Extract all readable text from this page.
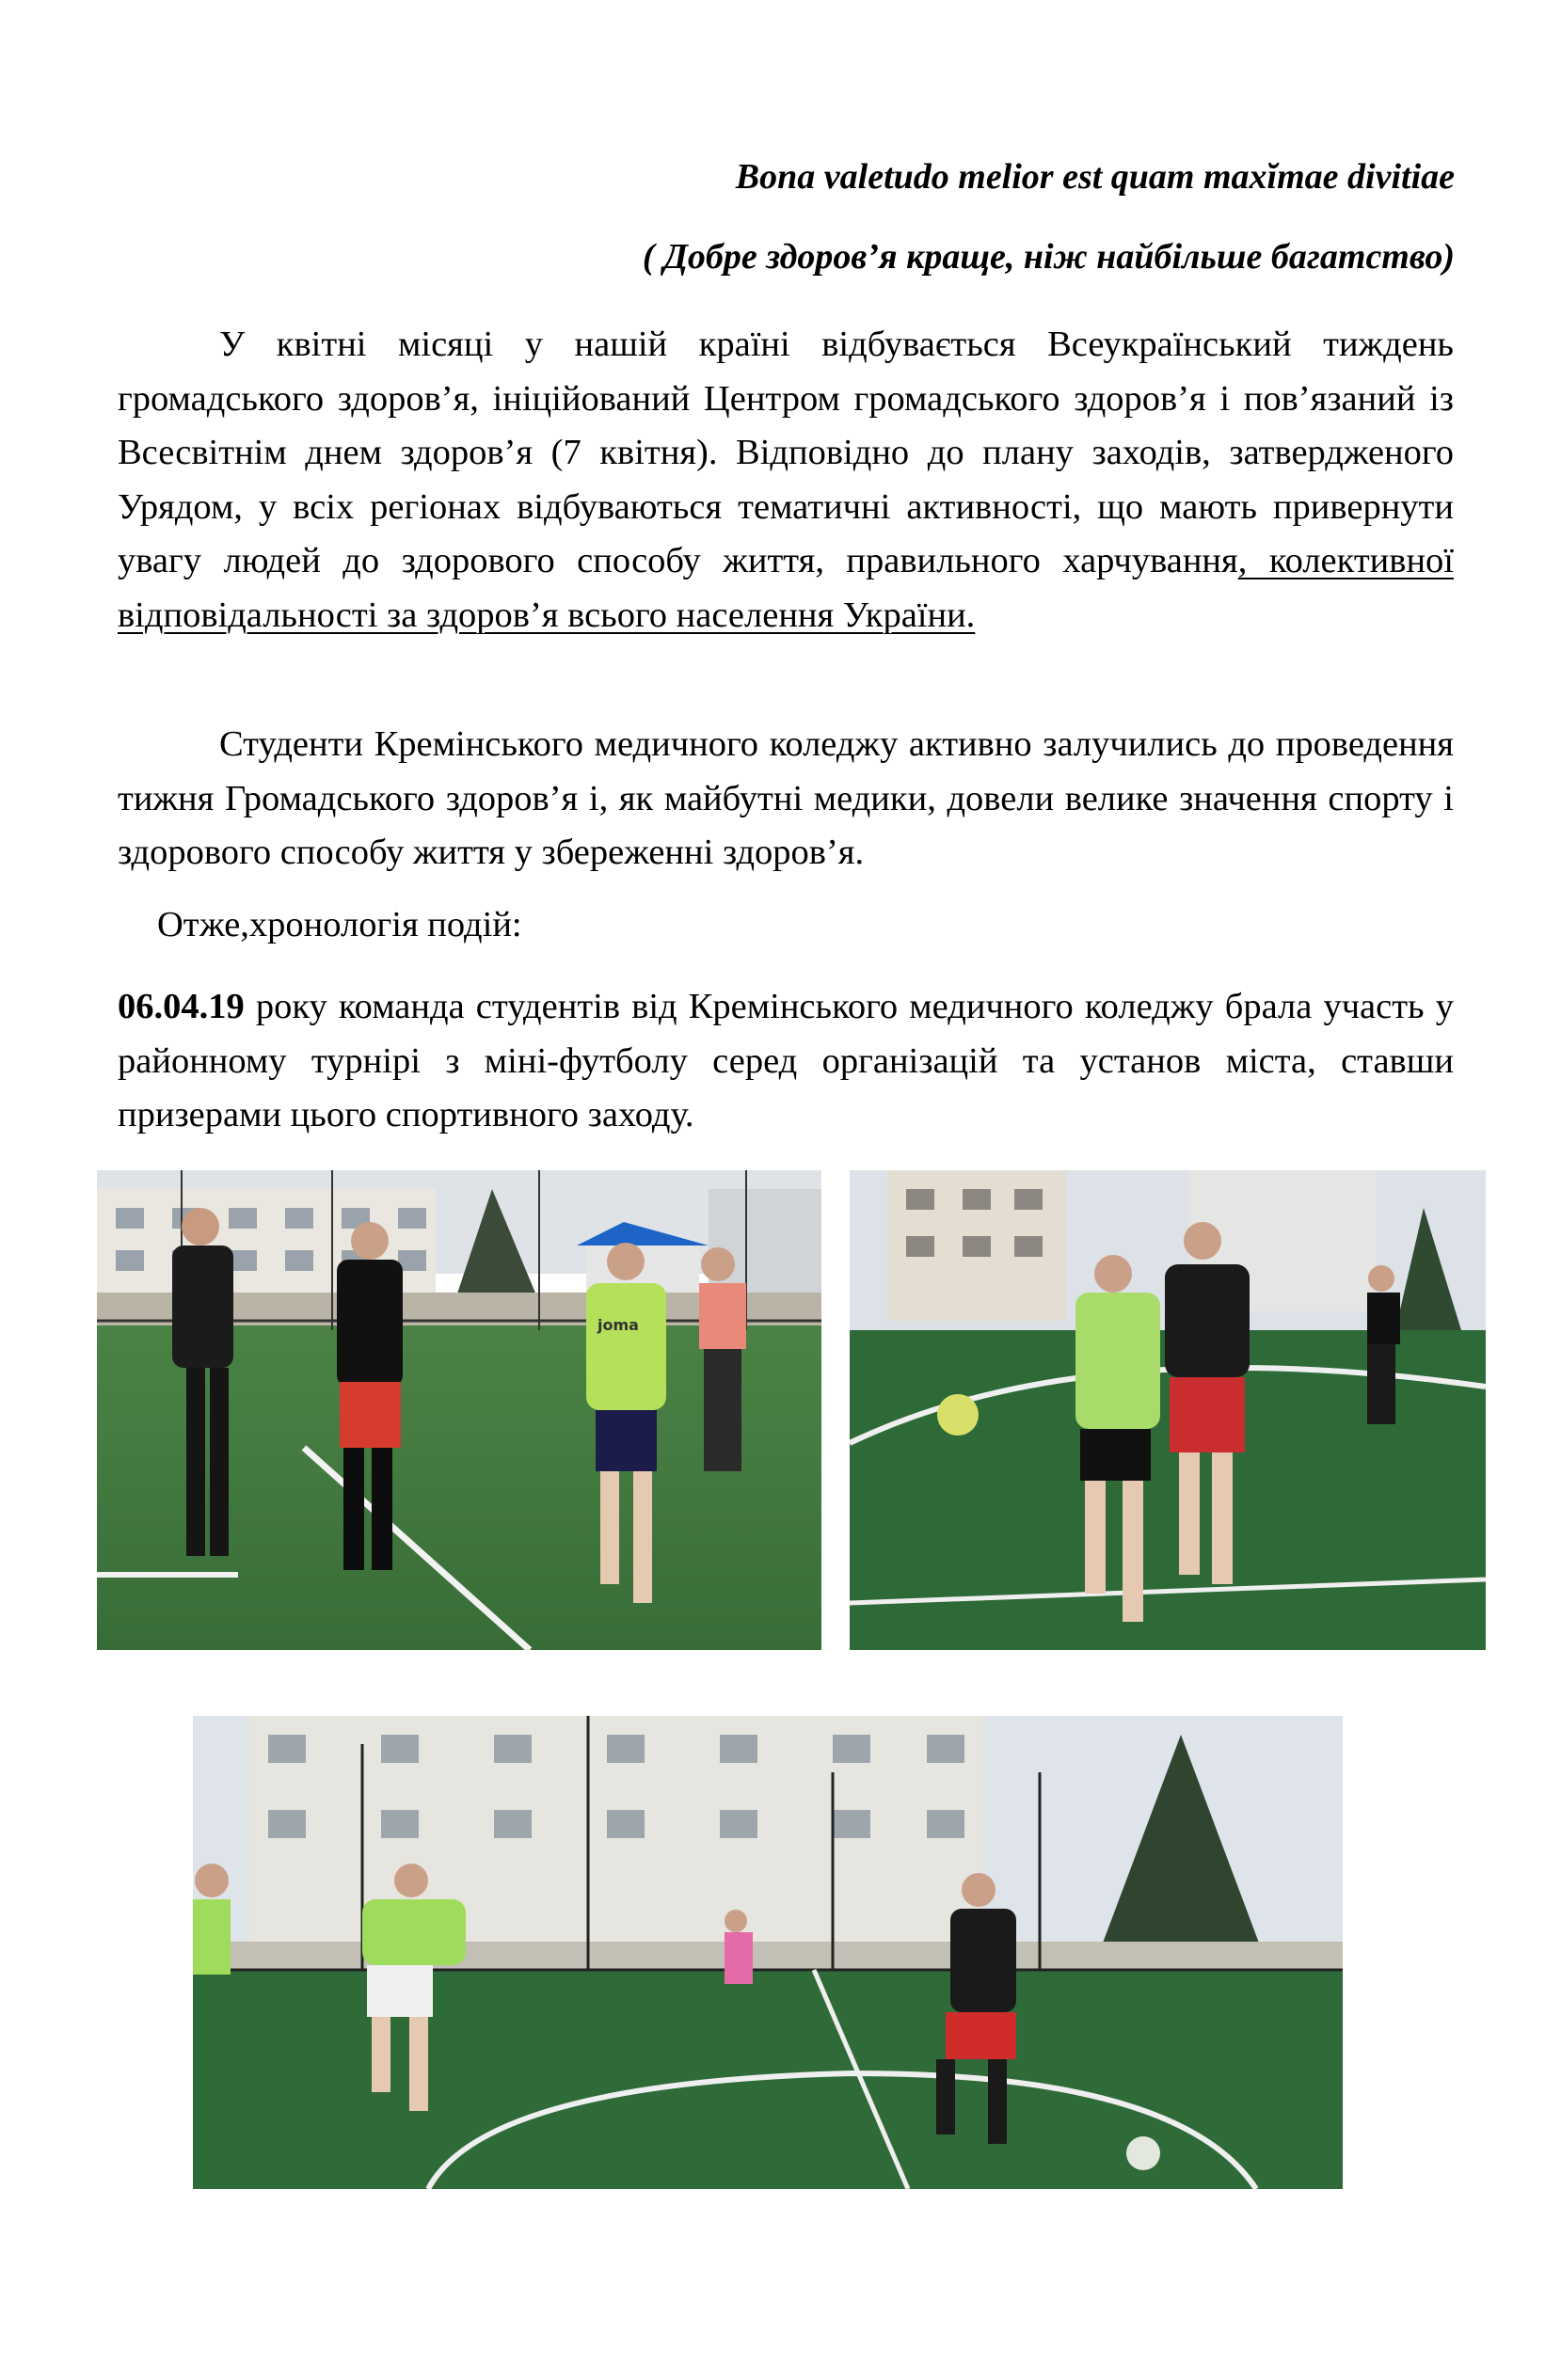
Bona valetudo melior est quam maxĭmae divitiae
( Добре здоров’я краще, ніж найбільше багатство)
У квітні місяці у нашій країні відбувається Всеукраїнський тиждень громадського здоров’я, ініційований Центром громадського здоров’я і пов’язаний із Всесвітнім днем здоров’я (7 квітня). Відповідно до плану заходів, затвердженого Урядом, у всіх регіонах відбуваються тематичні активності, що мають привернути увагу людей до здорового способу життя, правильного харчування, колективної відповідальності за здоров’я всього населення України.
Студенти Кремінського медичного коледжу активно залучились до проведення тижня Громадського здоров’я і, як майбутні медики, довели велике значення спорту і здорового способу життя у збереженні здоров’я.
Отже,хронологія подій:
06.04.19 року команда студентів від Кремінського медичного коледжу брала участь у районному турнірі з міні-футболу серед організацій та установ міста, ставши призерами цього спортивного заходу.
joma
